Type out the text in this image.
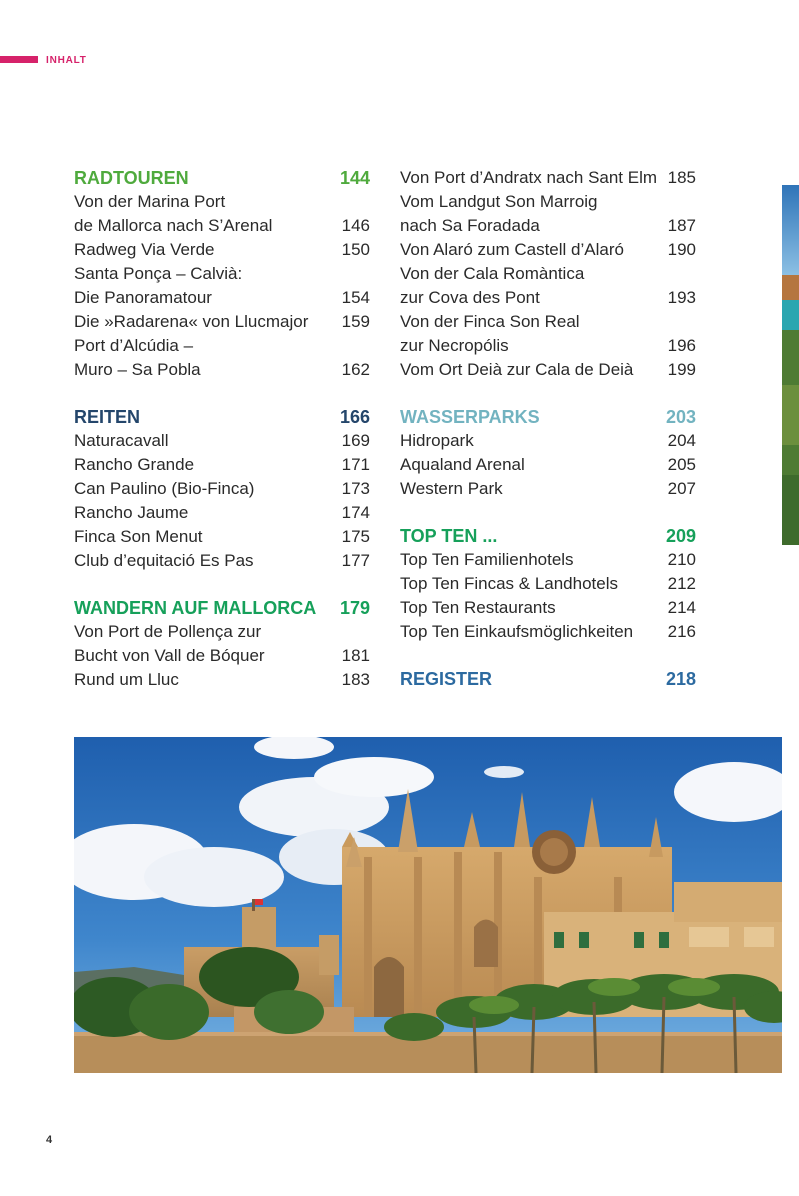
INHALT
RADTOUREN	144
Von der Marina Port
de Mallorca nach S’Arenal	146
Radweg Via Verde	150
Santa Ponça – Calvià:
Die Panoramatour	154
Die »Radarena« von Llucmajor 159
Port d’Alcúdia –
Muro – Sa Pobla	162
REITEN	166
Naturacavall	169
Rancho Grande	171
Can Paulino (Bio-Finca)	173
Rancho Jaume	174
Finca Son Menut	175
Club d’equitació Es Pas	177
WANDERN AUF MALLORCA 179
Von Port de Pollença zur
Bucht von Vall de Bóquer	181
Rund um Lluc	183
Von Port d’Andratx nach Sant Elm 185
Vom Landgut Son Marroig
nach Sa Foradada	187
Von Alaró zum Castell d’Alaró	190
Von der Cala Romàntica
zur Cova des Pont	193
Von der Finca Son Real
zur Necropólis	196
Vom Ort Deià zur Cala de Deià 199
WASSERPARKS	203
Hidropark	204
Aqualand Arenal	205
Western Park	207
TOP TEN ...	209
Top Ten Familienhotels	210
Top Ten Fincas & Landhotels	212
Top Ten Restaurants	214
Top Ten Einkaufsmöglichkeiten 216
REGISTER	218
4
